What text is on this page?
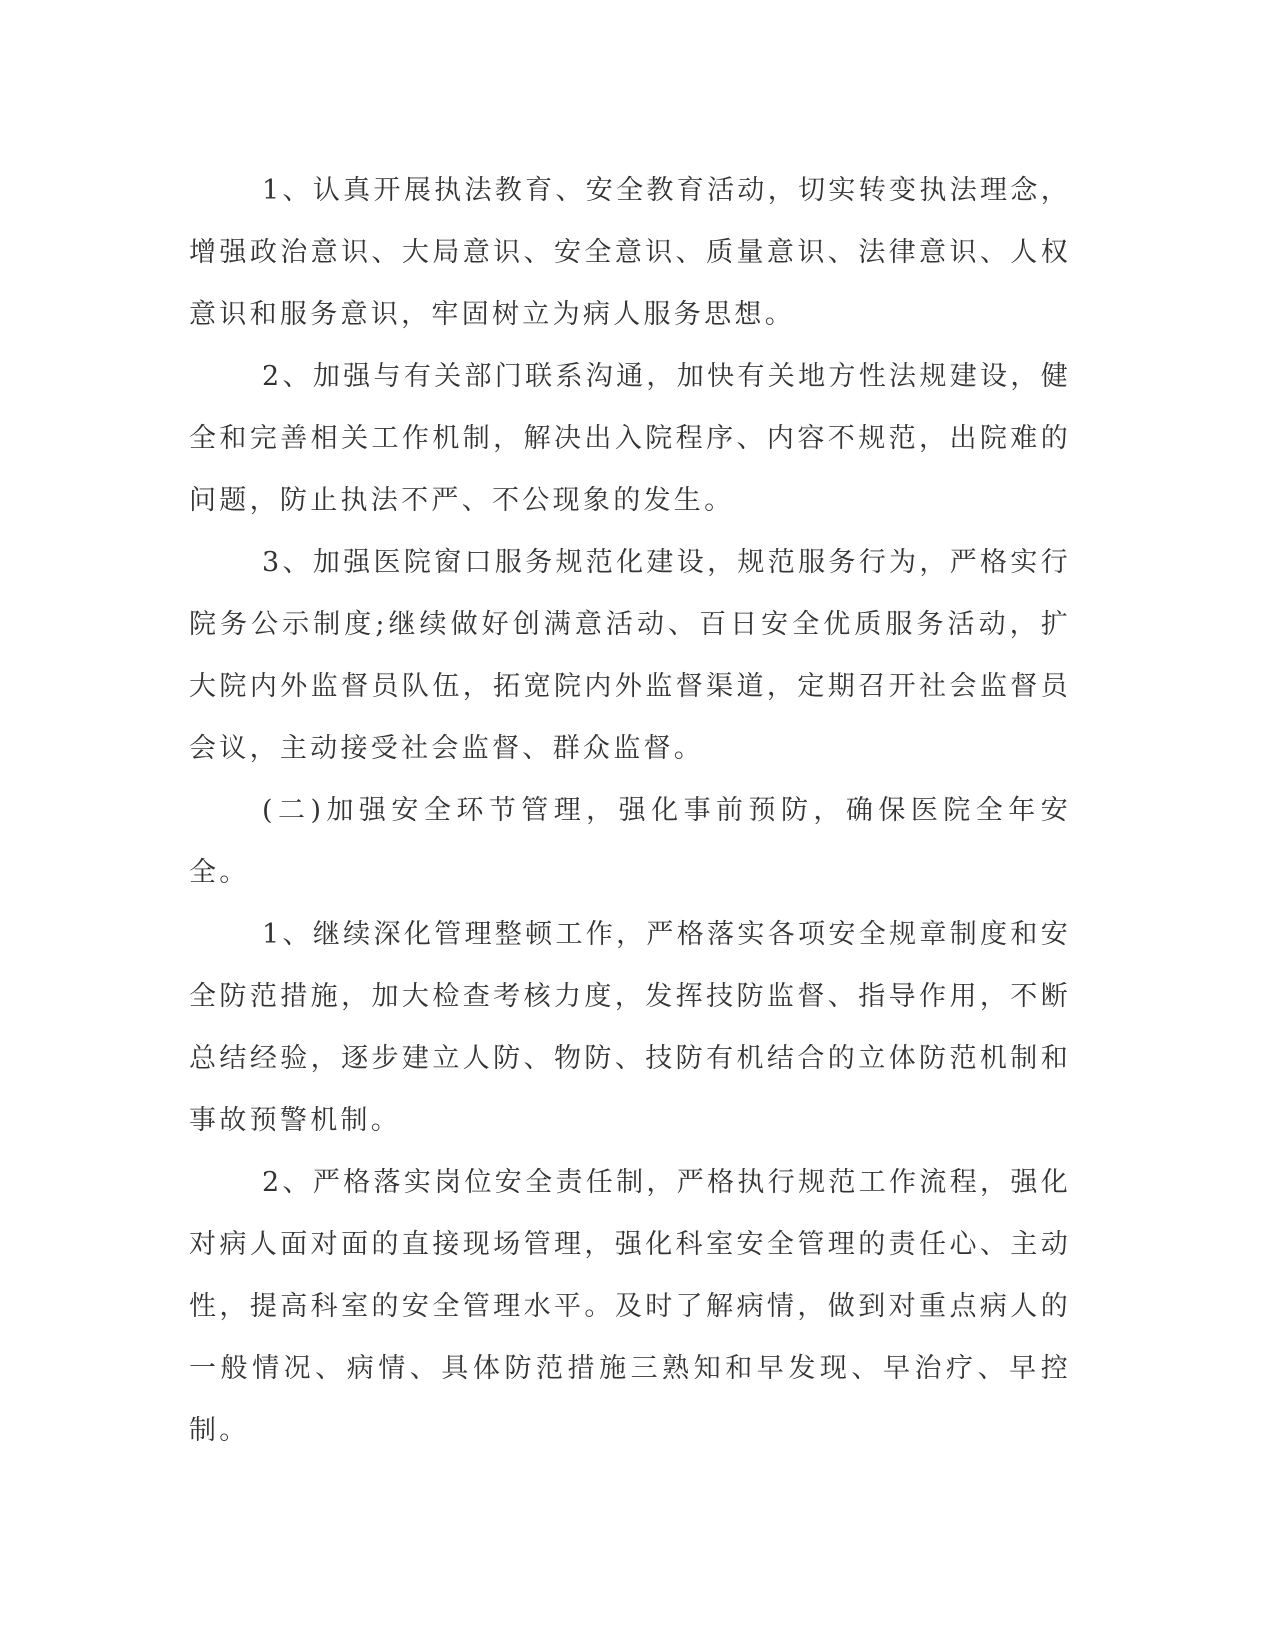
1、认真开展执法教育、安全教育活动，切实转变执法理念，增强政治意识、大局意识、安全意识、质量意识、法律意识、人权意识和服务意识，牢固树立为病人服务思想。

2、加强与有关部门联系沟通，加快有关地方性法规建设，健全和完善相关工作机制，解决出入院程序、内容不规范，出院难的问题，防止执法不严、不公现象的发生。

3、加强医院窗口服务规范化建设，规范服务行为，严格实行院务公示制度;继续做好创满意活动、百日安全优质服务活动，扩大院内外监督员队伍，拓宽院内外监督渠道，定期召开社会监督员会议，主动接受社会监督、群众监督。

(二)加强安全环节管理，强化事前预防，确保医院全年安全。

1、继续深化管理整顿工作，严格落实各项安全规章制度和安全防范措施，加大检查考核力度，发挥技防监督、指导作用，不断总结经验，逐步建立人防、物防、技防有机结合的立体防范机制和事故预警机制。

2、严格落实岗位安全责任制，严格执行规范工作流程，强化对病人面对面的直接现场管理，强化科室安全管理的责任心、主动性，提高科室的安全管理水平。及时了解病情，做到对重点病人的一般情况、病情、具体防范措施三熟知和早发现、早治疗、早控制。
